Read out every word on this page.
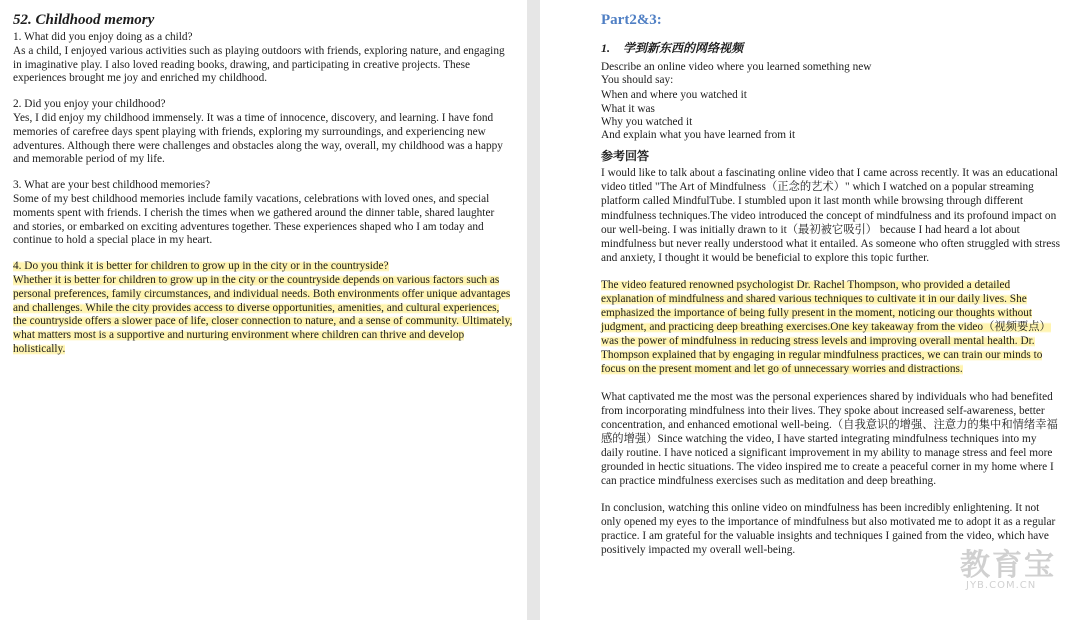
52. Childhood memory
1. What did you enjoy doing as a child?
As a child, I enjoyed various activities such as playing outdoors with friends, exploring nature, and engaging in imaginative play. I also loved reading books, drawing, and participating in creative projects. These experiences brought me joy and enriched my childhood.
2. Did you enjoy your childhood?
Yes, I did enjoy my childhood immensely. It was a time of innocence, discovery, and learning. I have fond memories of carefree days spent playing with friends, exploring my surroundings, and experiencing new adventures. Although there were challenges and obstacles along the way, overall, my childhood was a happy and memorable period of my life.
3. What are your best childhood memories?
Some of my best childhood memories include family vacations, celebrations with loved ones, and special moments spent with friends. I cherish the times when we gathered around the dinner table, shared laughter and stories, or embarked on exciting adventures together. These experiences shaped who I am today and continue to hold a special place in my heart.
4. Do you think it is better for children to grow up in the city or in the countryside?
Whether it is better for children to grow up in the city or the countryside depends on various factors such as personal preferences, family circumstances, and individual needs. Both environments offer unique advantages and challenges. While the city provides access to diverse opportunities, amenities, and cultural experiences, the countryside offers a slower pace of life, closer connection to nature, and a sense of community. Ultimately, what matters most is a supportive and nurturing environment where children can thrive and develop holistically.
Part2&3:
1. 学到新东西的网络视频
Describe an online video where you learned something new
You should say:
When and where you watched it
What it was
Why you watched it
And explain what you have learned from it
参考回答
I would like to talk about a fascinating online video that I came across recently. It was an educational video titled "The Art of Mindfulness（正念的艺术）" which I watched on a popular streaming platform called MindfulTube. I stumbled upon it last month while browsing through different mindfulness techniques.The video introduced the concept of mindfulness and its profound impact on our well-being. I was initially drawn to it（最初被它吸引） because I had heard a lot about mindfulness but never really understood what it entailed. As someone who often struggled with stress and anxiety, I thought it would be beneficial to explore this topic further.
The video featured renowned psychologist Dr. Rachel Thompson, who provided a detailed explanation of mindfulness and shared various techniques to cultivate it in our daily lives. She emphasized the importance of being fully present in the moment, noticing our thoughts without judgment, and practicing deep breathing exercises.One key takeaway from the video（视频要点） was the power of mindfulness in reducing stress levels and improving overall mental health. Dr. Thompson explained that by engaging in regular mindfulness practices, we can train our minds to focus on the present moment and let go of unnecessary worries and distractions.
What captivated me the most was the personal experiences shared by individuals who had benefited from incorporating mindfulness into their lives. They spoke about increased self-awareness, better concentration, and enhanced emotional well-being.（自我意识的增强、注意力的集中和情绪幸福感的增强）Since watching the video, I have started integrating mindfulness techniques into my daily routine. I have noticed a significant improvement in my ability to manage stress and feel more grounded in hectic situations. The video inspired me to create a peaceful corner in my home where I can practice mindfulness exercises such as meditation and deep breathing.
In conclusion, watching this online video on mindfulness has been incredibly enlightening. It not only opened my eyes to the importance of mindfulness but also motivated me to adopt it as a regular practice. I am grateful for the valuable insights and techniques I gained from the video, which have positively impacted my overall well-being.	教育宝
JYB.COM.CN
